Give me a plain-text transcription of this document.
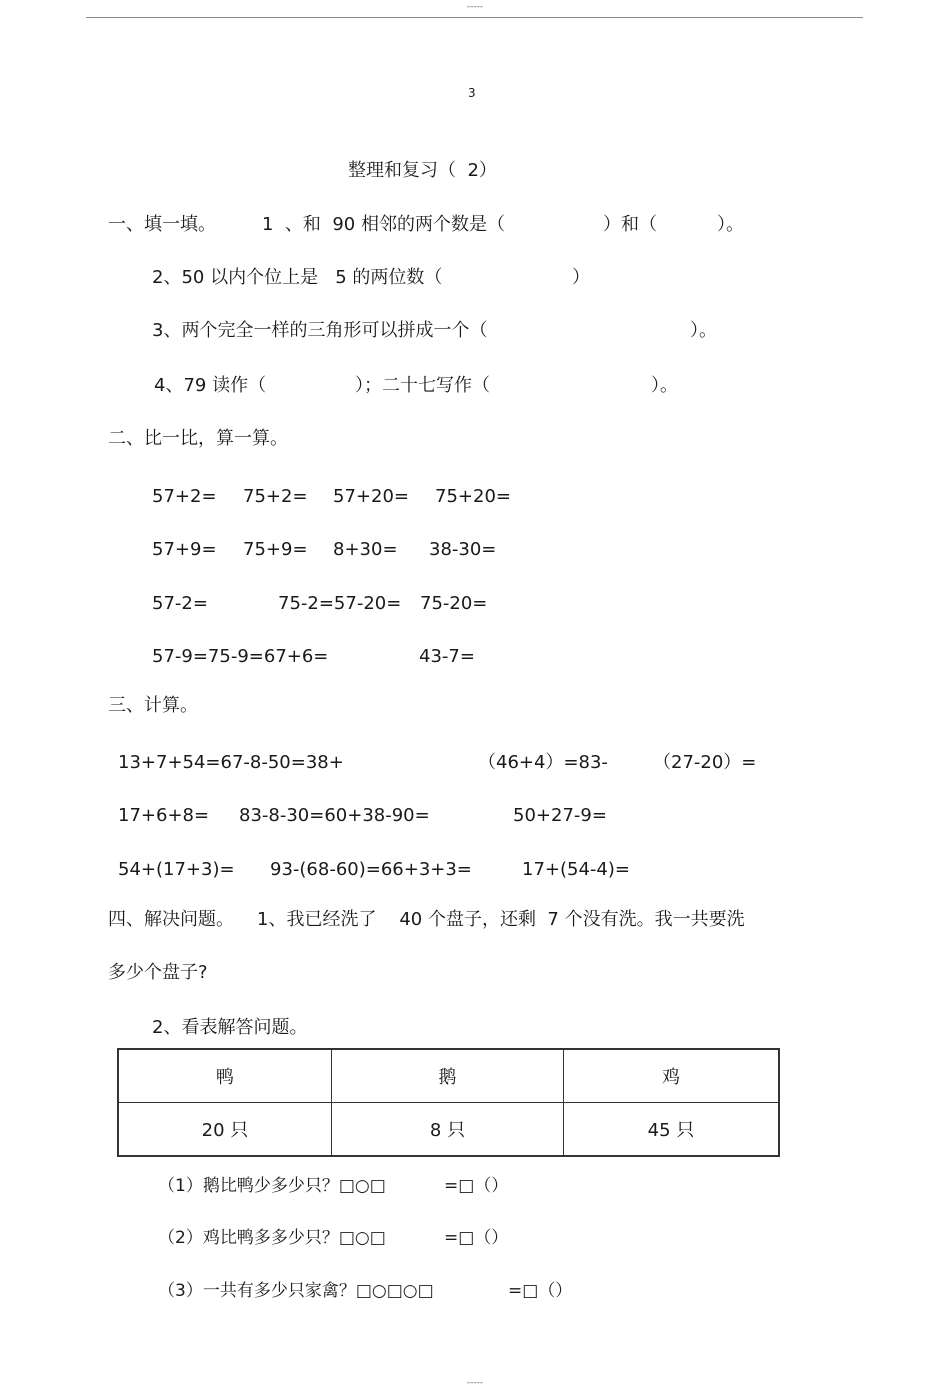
-----
3
整理和复习（  2）
一、填一填。	1  、和  90 相邻的两个数是（	）和（	）。
2、50 以内个位上是   5 的两位数（	）
3、两个完全一样的三角形可以拼成一个（	）。
4、79 读作（	）；二十七写作（	）。
二、比一比，算一算。
57+2= 75+2= 57+20= 75+20=
57+9= 75+9= 8+30= 38-30=
57-2=	75-2=57-20= 75-20=
57-9=75-9=67+6=	43-7=
三、计算。
13+7+54=67-8-50=38+	（46+4）=83-	（27-20）=
17+6+8= 83-8-30=60+38-90=	50+27-9=
54+(17+3)= 93-(68-60)=66+3+3=	17+(54-4)=
四、解决问题。 1、我已经洗了    40 个盘子，还剩  7 个没有洗。我一共要洗
多少个盘子?
2、看表解答问题。
鸭	鹅	鸡
20 只	8 只	45 只
（1）鹅比鸭少多少只？□○□	=□（）
（2）鸡比鸭多多少只？□○□	=□（）
（3）一共有多少只家禽？□○□○□	=□（）
-----
